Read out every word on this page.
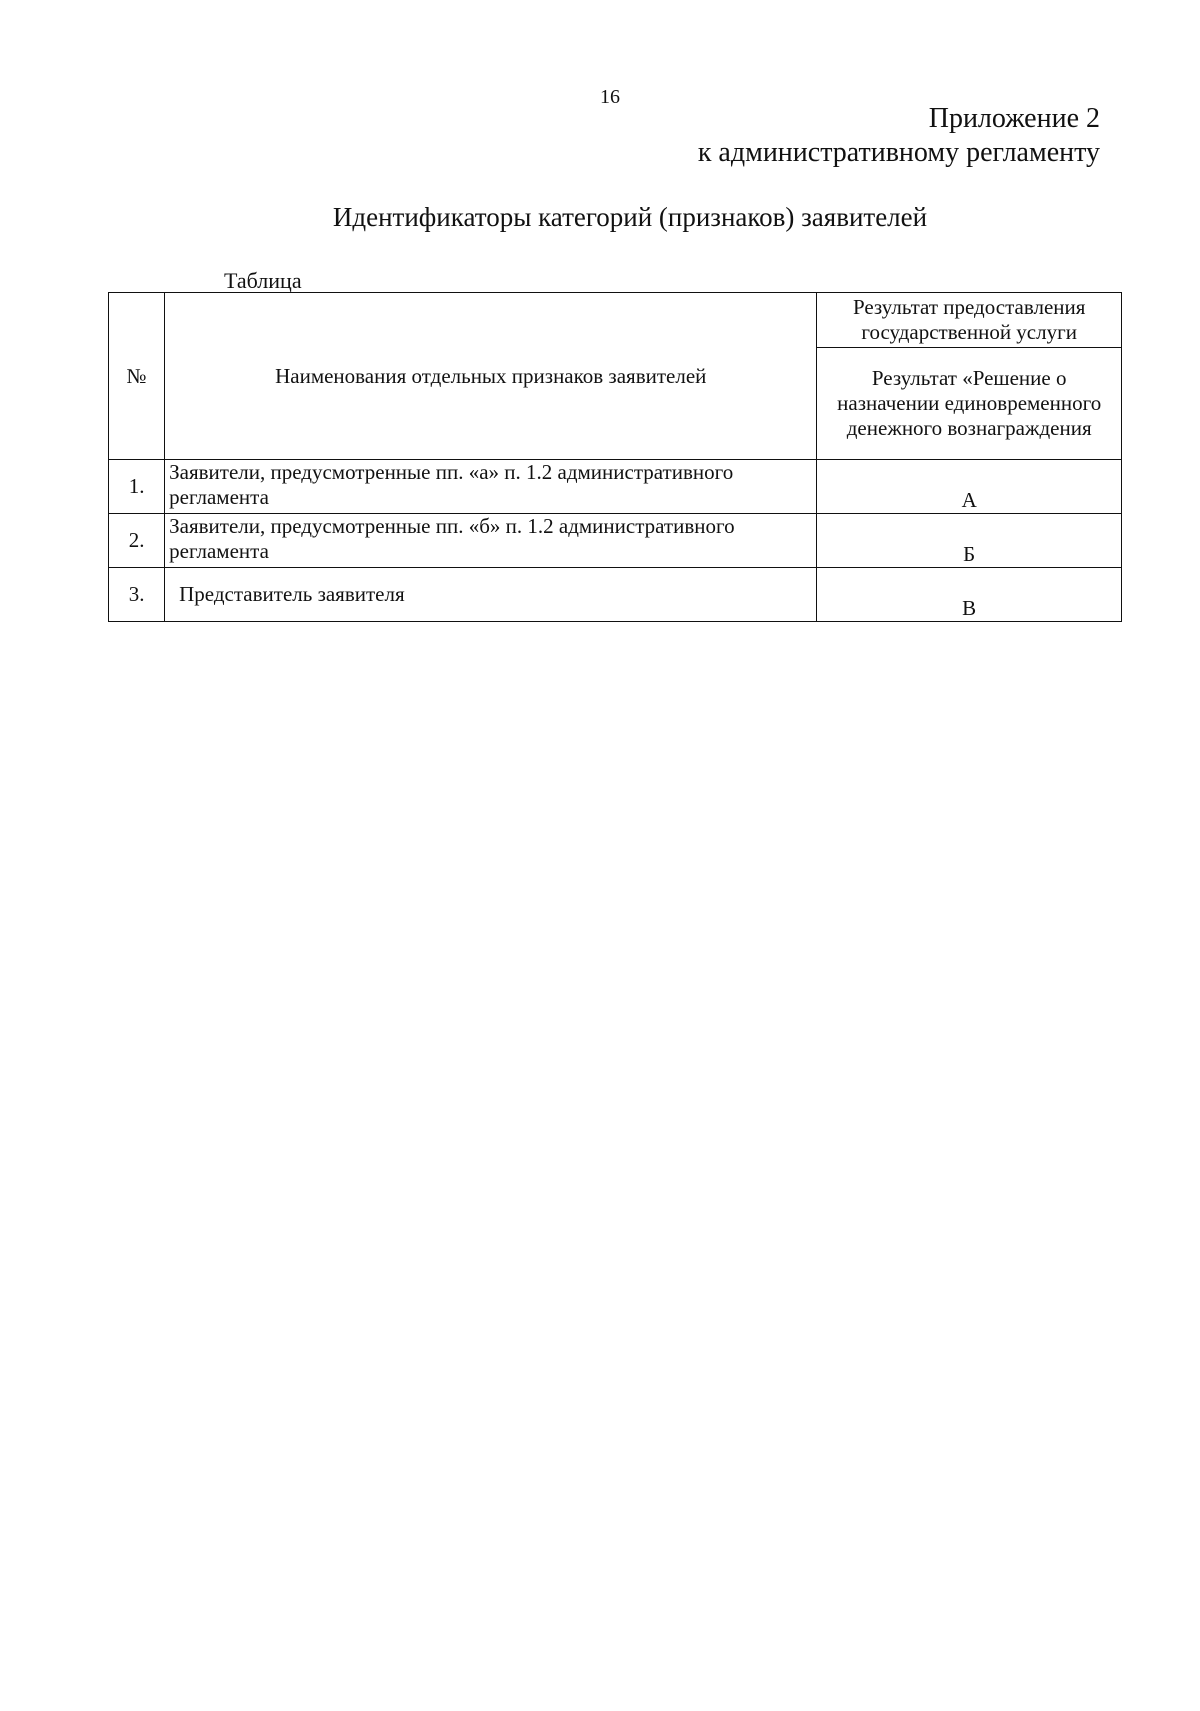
16
Приложение 2
к административному регламенту
Идентификаторы категорий (признаков) заявителей
Таблица
№	Наименования отдельных признаков заявителей	Результат предоставления государственной услуги
		Результат «Решение о назначении единовременного денежного вознаграждения
1.	Заявители, предусмотренные пп. «а» п. 1.2 административного регламента	А
2.	Заявители, предусмотренные пп. «б» п. 1.2 административного регламента	Б
3.	Представитель заявителя	В
